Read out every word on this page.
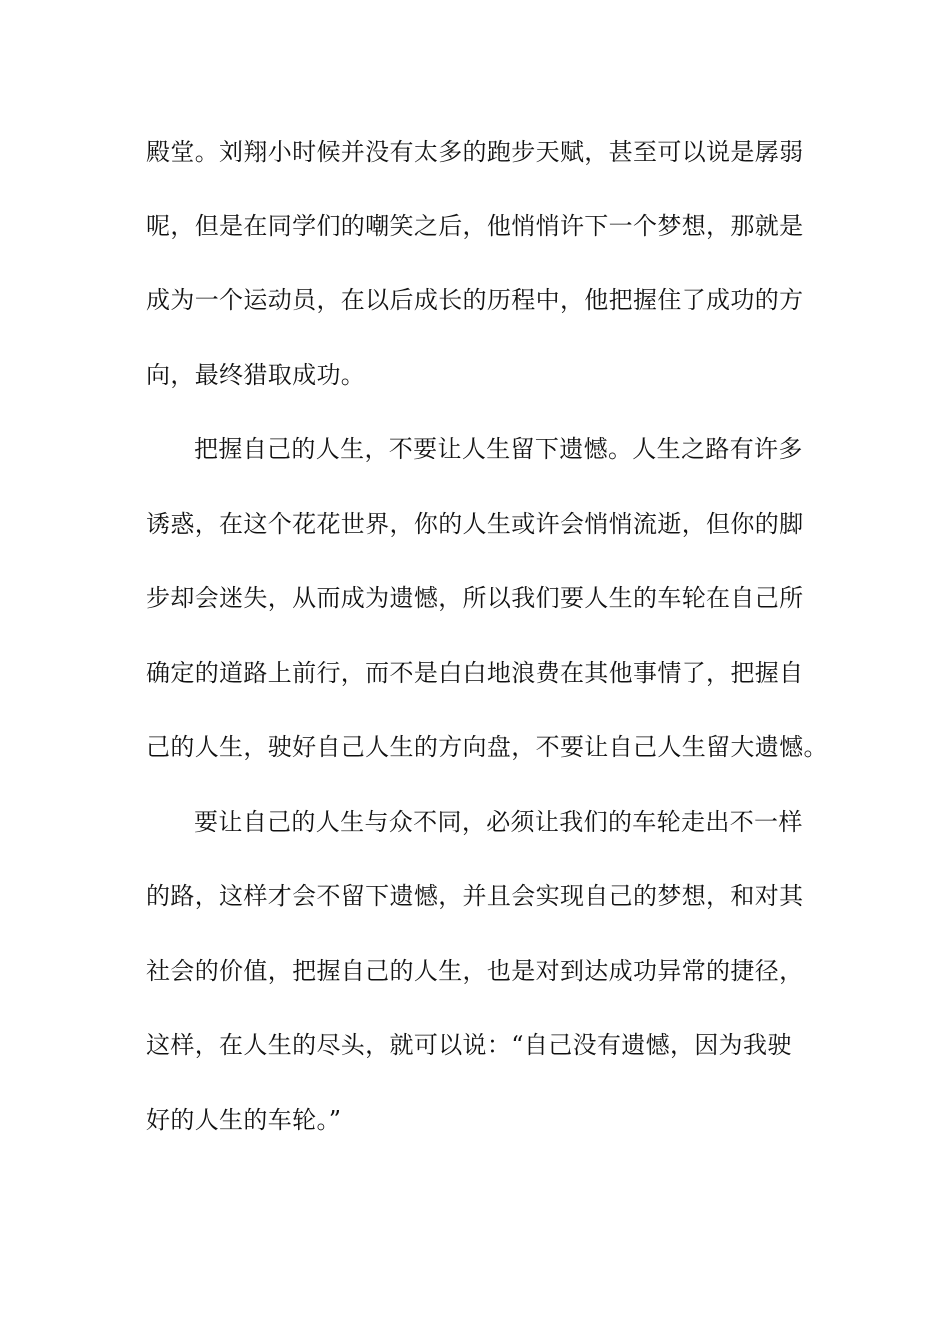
殿堂。刘翔小时候并没有太多的跑步天赋，甚至可以说是孱弱
呢，但是在同学们的嘲笑之后，他悄悄许下一个梦想，那就是
成为一个运动员，在以后成长的历程中，他把握住了成功的方
向，最终猎取成功。
把握自己的人生，不要让人生留下遗憾。人生之路有许多
诱惑，在这个花花世界，你的人生或许会悄悄流逝，但你的脚
步却会迷失，从而成为遗憾，所以我们要人生的车轮在自己所
确定的道路上前行，而不是白白地浪费在其他事情了，把握自
己的人生，驶好自己人生的方向盘，不要让自己人生留大遗憾。
要让自己的人生与众不同，必须让我们的车轮走出不一样
的路，这样才会不留下遗憾，并且会实现自己的梦想，和对其
社会的价值，把握自己的人生，也是对到达成功异常的捷径，
这样，在人生的尽头，就可以说：“自己没有遗憾，因为我驶
好的人生的车轮。”
